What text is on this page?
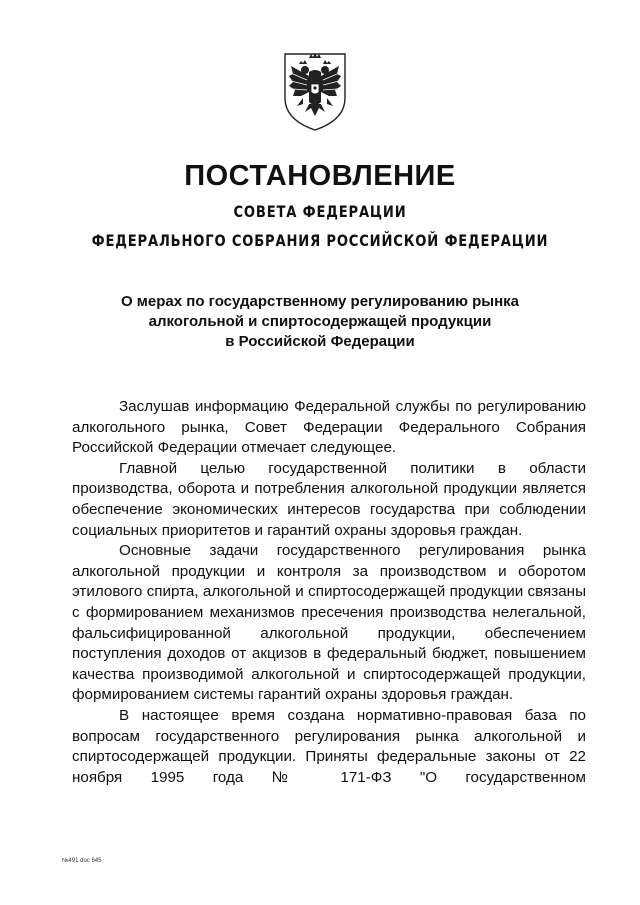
ПОСТАНОВЛЕНИЕ
СОВЕТА ФЕДЕРАЦИИ
ФЕДЕРАЛЬНОГО СОБРАНИЯ РОССИЙСКОЙ ФЕДЕРАЦИИ
О мерах по государственному регулированию рынка
алкогольной и спиртосодержащей продукции
в Российской Федерации

Заслушав информацию Федеральной службы по регулированию алкогольного рынка, Совет Федерации Федерального Собрания Российской Федерации отмечает следующее.

Главной целью государственной политики в области производства, оборота и потребления алкогольной продукции является обеспечение экономических интересов государства при соблюдении социальных приоритетов и гарантий охраны здоровья граждан.

Основные задачи государственного регулирования рынка алкогольной продукции и контроля за производством и оборотом этилового спирта, алкогольной и спиртосодержащей продукции связаны с формированием механизмов пресечения производства нелегальной, фальсифицированной алкогольной продукции, обеспечением поступления доходов от акцизов в федеральный бюджет, повышением качества производимой алкогольной и спиртосодержащей продукции, формированием системы гарантий охраны здоровья граждан.

В настоящее время создана нормативно-правовая база по вопросам государственного регулирования рынка алкогольной и спиртосодержащей продукции. Приняты федеральные законы от 22 ноября 1995 года № 171-ФЗ "О государственном

№491 doc 645
